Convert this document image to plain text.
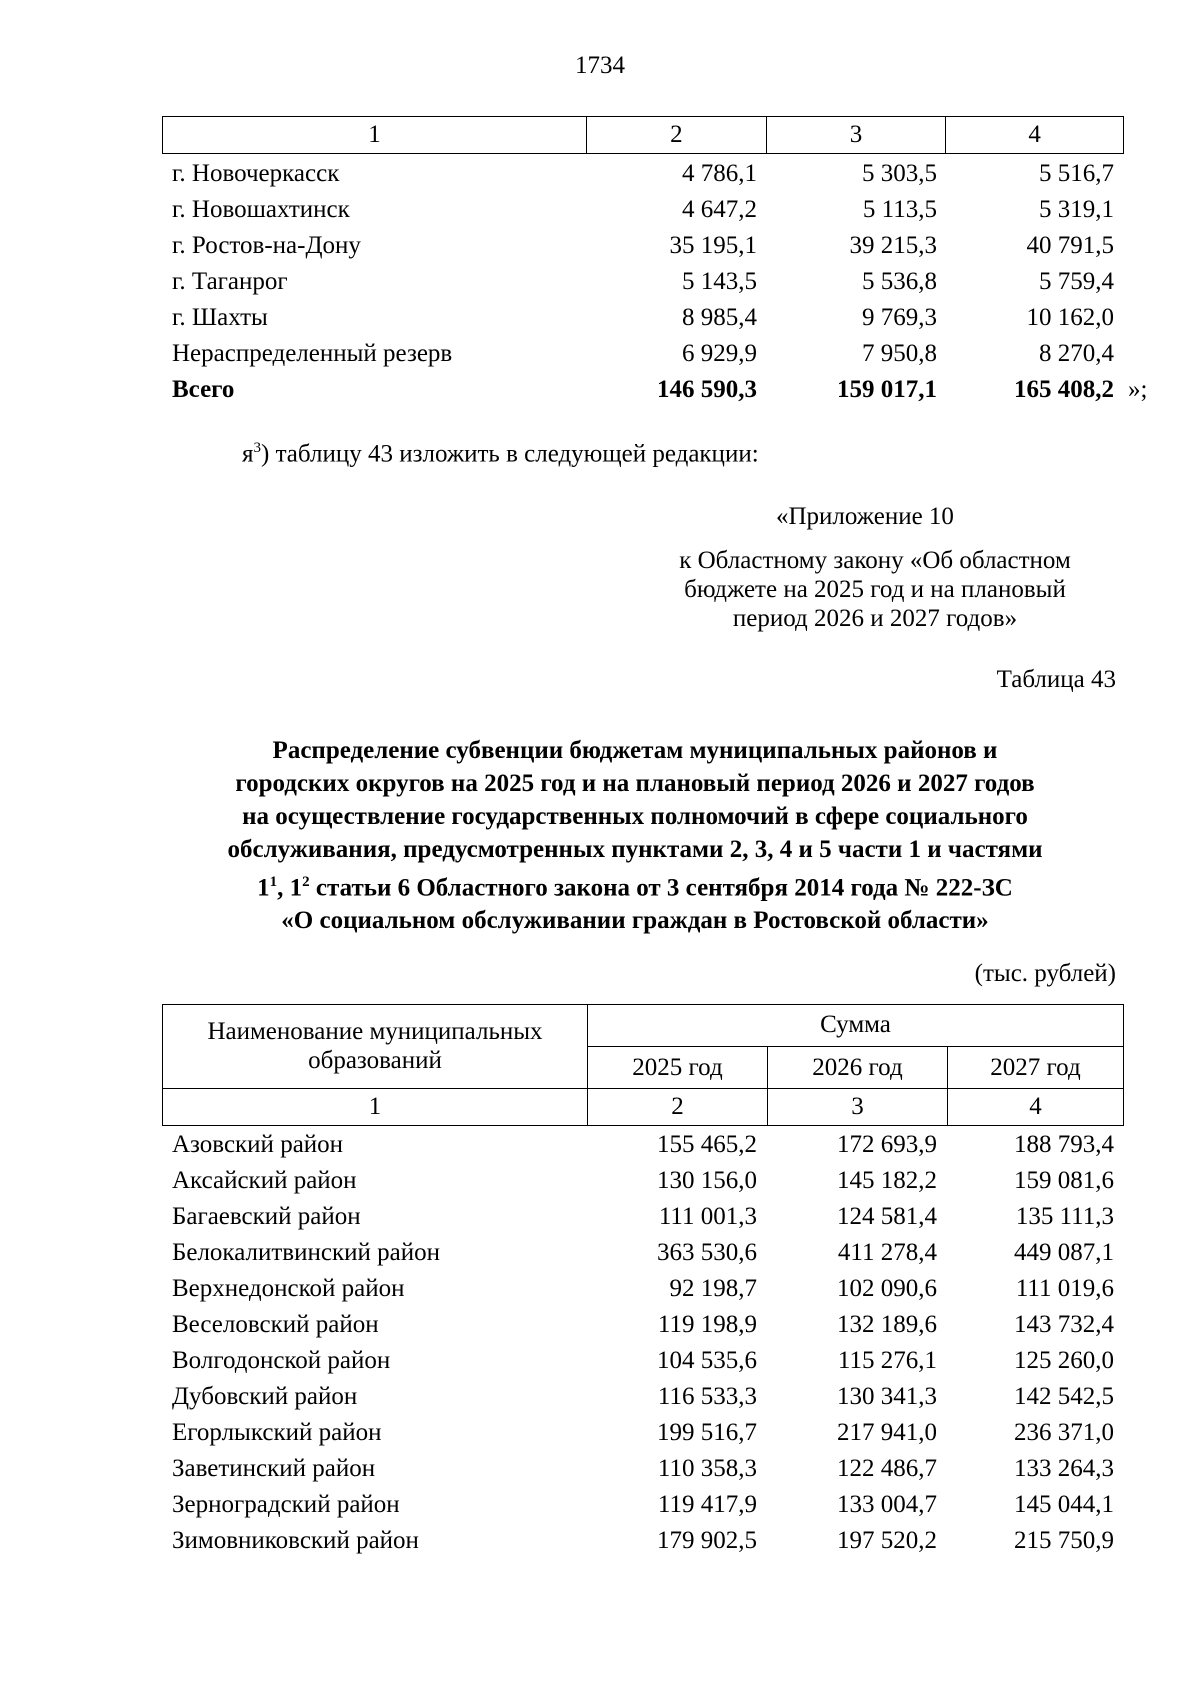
1734
1	2	3	4
г. Новочеркасск	4 786,1	5 303,5	5 516,7
г. Новошахтинск	4 647,2	5 113,5	5 319,1
г. Ростов-на-Дону	35 195,1	39 215,3	40 791,5
г. Таганрог	5 143,5	5 536,8	5 759,4
г. Шахты	8 985,4	9 769,3	10 162,0
Нераспределенный резерв	6 929,9	7 950,8	8 270,4
Всего	146 590,3	159 017,1	165 408,2 »;
$я^3$) таблицу 43 изложить в следующей редакции:
«Приложение 10
к Областному закону «Об областном
бюджете на 2025 год и на плановый
период 2026 и 2027 годов»
Таблица 43
Распределение субвенции бюджетам муниципальных районов и
городских округов на 2025 год и на плановый период 2026 и 2027 годов
на осуществление государственных полномочий в сфере социального
обслуживания, предусмотренных пунктами 2, 3, 4 и 5 части 1 и частями
$1^1$, $1^2$ статьи 6 Областного закона от 3 сентября 2014 года № 222-ЗС
«О социальном обслуживании граждан в Ростовской области»
(тыс. рублей)
Наименование муниципальных
образований
Сумма
2025 год	2026 год	2027 год
1	2	3	4
Азовский район	155 465,2	172 693,9	188 793,4
Аксайский район	130 156,0	145 182,2	159 081,6
Багаевский район	111 001,3	124 581,4	135 111,3
Белокалитвинский район	363 530,6	411 278,4	449 087,1
Верхнедонской район	92 198,7	102 090,6	111 019,6
Веселовский район	119 198,9	132 189,6	143 732,4
Волгодонской район	104 535,6	115 276,1	125 260,0
Дубовский район	116 533,3	130 341,3	142 542,5
Егорлыкский район	199 516,7	217 941,0	236 371,0
Заветинский район	110 358,3	122 486,7	133 264,3
Зерноградский район	119 417,9	133 004,7	145 044,1
Зимовниковский район	179 902,5	197 520,2	215 750,9
